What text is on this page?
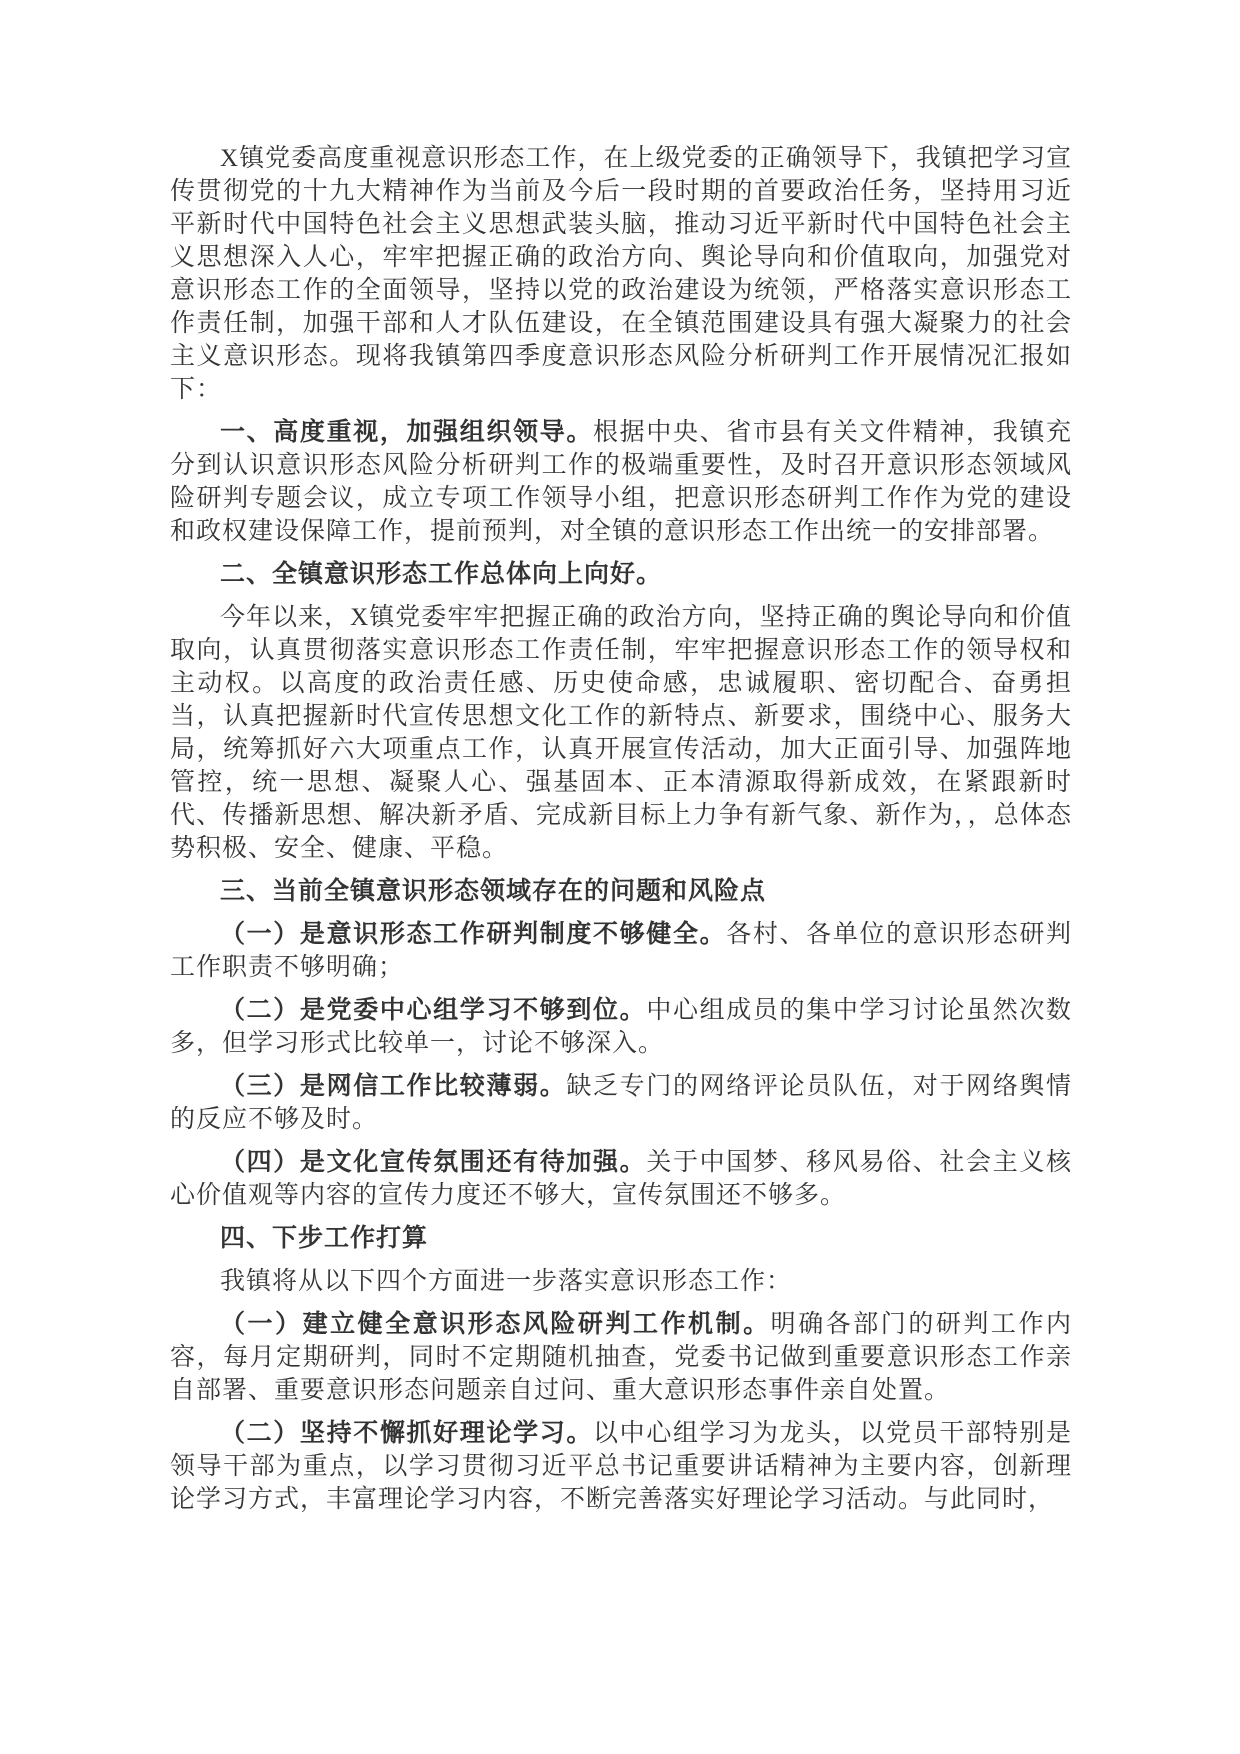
X镇党委高度重视意识形态工作，在上级党委的正确领导下，我镇把学习宣传贯彻党的十九大精神作为当前及今后一段时期的首要政治任务，坚持用习近平新时代中国特色社会主义思想武装头脑，推动习近平新时代中国特色社会主义思想深入人心，牢牢把握正确的政治方向、舆论导向和价值取向，加强党对意识形态工作的全面领导，坚持以党的政治建设为统领，严格落实意识形态工作责任制，加强干部和人才队伍建设，在全镇范围建设具有强大凝聚力的社会主义意识形态。现将我镇第四季度意识形态风险分析研判工作开展情况汇报如下：

一、高度重视，加强组织领导。根据中央、省市县有关文件精神，我镇充分到认识意识形态风险分析研判工作的极端重要性，及时召开意识形态领域风险研判专题会议，成立专项工作领导小组，把意识形态研判工作作为党的建设和政权建设保障工作，提前预判，对全镇的意识形态工作出统一的安排部署。

二、全镇意识形态工作总体向上向好。

今年以来，X镇党委牢牢把握正确的政治方向，坚持正确的舆论导向和价值取向，认真贯彻落实意识形态工作责任制，牢牢把握意识形态工作的领导权和主动权。以高度的政治责任感、历史使命感，忠诚履职、密切配合、奋勇担当，认真把握新时代宣传思想文化工作的新特点、新要求，围绕中心、服务大局，统筹抓好六大项重点工作，认真开展宣传活动，加大正面引导、加强阵地管控，统一思想、凝聚人心、强基固本、正本清源取得新成效，在紧跟新时代、传播新思想、解决新矛盾、完成新目标上力争有新气象、新作为，，总体态势积极、安全、健康、平稳。

三、当前全镇意识形态领域存在的问题和风险点

（一）是意识形态工作研判制度不够健全。各村、各单位的意识形态研判工作职责不够明确；

（二）是党委中心组学习不够到位。中心组成员的集中学习讨论虽然次数多，但学习形式比较单一，讨论不够深入。

（三）是网信工作比较薄弱。缺乏专门的网络评论员队伍，对于网络舆情的反应不够及时。

（四）是文化宣传氛围还有待加强。关于中国梦、移风易俗、社会主义核心价值观等内容的宣传力度还不够大，宣传氛围还不够多。

四、下步工作打算

我镇将从以下四个方面进一步落实意识形态工作：

（一）建立健全意识形态风险研判工作机制。明确各部门的研判工作内容，每月定期研判，同时不定期随机抽查，党委书记做到重要意识形态工作亲自部署、重要意识形态问题亲自过问、重大意识形态事件亲自处置。

（二）坚持不懈抓好理论学习。以中心组学习为龙头，以党员干部特别是领导干部为重点，以学习贯彻习近平总书记重要讲话精神为主要内容，创新理论学习方式，丰富理论学习内容，不断完善落实好理论学习活动。与此同时，
